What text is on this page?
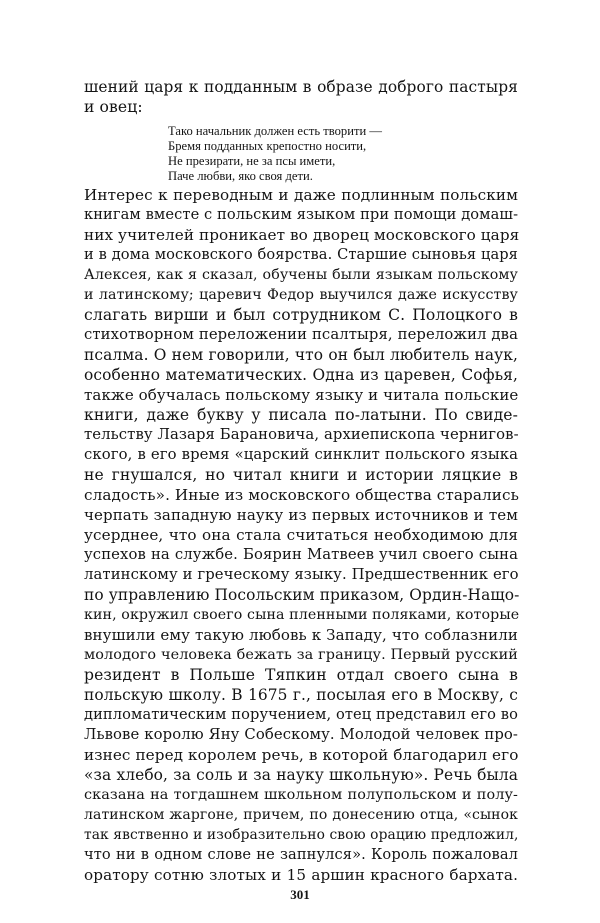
шений царя к подданным в образе доброго пастыря
и овец:
Тако начальник должен есть творити —
Бремя подданных крепостно носити,
Не презирати, не за псы имети,
Паче любви, яко своя дети.
Интерес к переводным и даже подлинным польским
книгам вместе с польским языком при помощи домаш-
них учителей проникает во дворец московского царя
и в дома московского боярства. Старшие сыновья царя
Алексея, как я сказал, обучены были языкам польскому
и латинскому; царевич Федор выучился даже искусству
слагать вирши и был сотрудником С. Полоцкого в
стихотворном переложении псалтыря, переложил два
псалма. О нем говорили, что он был любитель наук,
особенно математических. Одна из царевен, Софья,
также обучалась польскому языку и читала польские
книги, даже букву у писала по-латыни. По свиде-
тельству Лазаря Барановича, архиепископа чернигов-
ского, в его время «царский синклит польского языка
не гнушался, но читал книги и истории ляцкие в
сладость». Иные из московского общества старались
черпать западную науку из первых источников и тем
усерднее, что она стала считаться необходимою для
успехов на службе. Боярин Матвеев учил своего сына
латинскому и греческому языку. Предшественник его
по управлению Посольским приказом, Ордин-Нащо-
кин, окружил своего сына пленными поляками, которые
внушили ему такую любовь к Западу, что соблазнили
молодого человека бежать за границу. Первый русский
резидент в Польше Тяпкин отдал своего сына в
польскую школу. В 1675 г., посылая его в Москву, с
дипломатическим поручением, отец представил его во
Львове королю Яну Собескому. Молодой человек про-
изнес перед королем речь, в которой благодарил его
«за хлебо, за соль и за науку школьную». Речь была
сказана на тогдашнем школьном полупольском и полу-
латинском жаргоне, причем, по донесению отца, «сынок
так явственно и изобразительно свою орацию предложил,
что ни в одном слове не запнулся». Король пожаловал
оратору сотню злотых и 15 аршин красного бархата.
301
